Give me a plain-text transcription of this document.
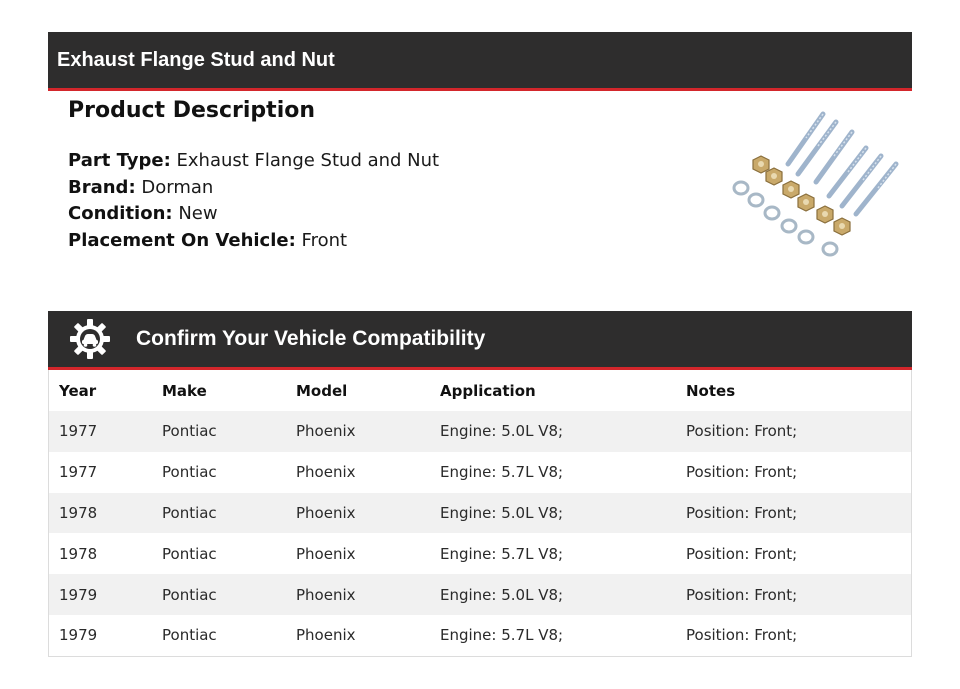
Exhaust Flange Stud and Nut
Product Description
Part Type: Exhaust Flange Stud and Nut
Brand: Dorman
Condition: New
Placement On Vehicle: Front
Confirm Your Vehicle Compatibility
Year	Make	Model	Application	Notes
1977	Pontiac	Phoenix	Engine: 5.0L V8;	Position: Front;
1977	Pontiac	Phoenix	Engine: 5.7L V8;	Position: Front;
1978	Pontiac	Phoenix	Engine: 5.0L V8;	Position: Front;
1978	Pontiac	Phoenix	Engine: 5.7L V8;	Position: Front;
1979	Pontiac	Phoenix	Engine: 5.0L V8;	Position: Front;
1979	Pontiac	Phoenix	Engine: 5.7L V8;	Position: Front;
